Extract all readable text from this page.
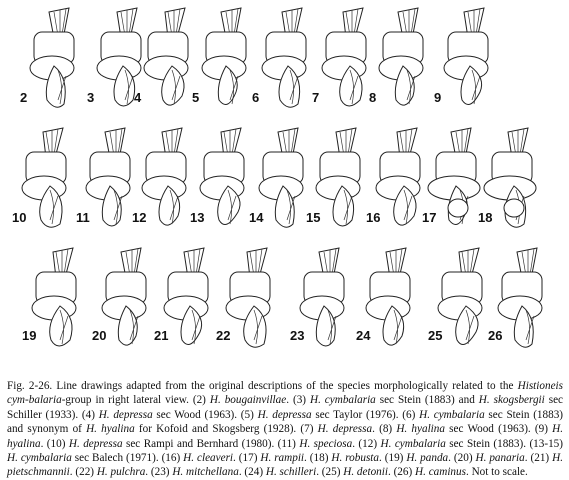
2	3	4	5	6	7	8	9
10	11	12	13	14	15	16	17	18
19	20	21	22	23	24	25	26

Fig. 2-26. Line drawings adapted from the original descriptions of the species morphologically related to the Histioneis cym-balaria-group in right lateral view. (2) H. bougainvillae. (3) H. cymbalaria sec Stein (1883) and H. skogsbergii sec Schiller (1933). (4) H. depressa sec Wood (1963). (5) H. depressa sec Taylor (1976). (6) H. cymbalaria sec Stein (1883) and synonym of H. hyalina for Kofoid and Skogsberg (1928). (7) H. depressa. (8) H. hyalina sec Wood (1963). (9) H. hyalina. (10) H. depressa sec Rampi and Bernhard (1980). (11) H. speciosa. (12) H. cymbalaria sec Stein (1883). (13-15) H. cymbalaria sec Balech (1971). (16) H. cleaveri. (17) H. rampii. (18) H. robusta. (19) H. panda. (20) H. panaria. (21) H. pietschmannii. (22) H. pulchra. (23) H. mitchellana. (24) H. schilleri. (25) H. detonii. (26) H. caminus. Not to scale.
